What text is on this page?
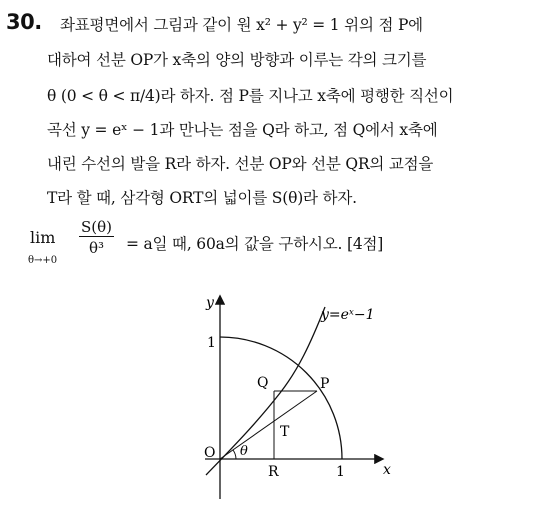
30. 좌표평면에서 그림과 같이 원 x² + y² = 1 위의 점 P에
대하여 선분 OP가 x축의 양의 방향과 이루는 각의 크기를
θ (0 < θ < π/4)라 하자. 점 P를 지나고 x축에 평행한 직선이
곡선 y = eˣ − 1과 만나는 점을 Q라 하고, 점 Q에서 x축에
내린 수선의 발을 R라 하자. 선분 OP와 선분 QR의 교점을
T라 할 때, 삼각형 ORT의 넓이를 S(θ)라 하자.
lim
θ→+0
$\frac{S(\theta)}{\text{θ³}} = a$일 때, 60a의 값을 구하시오. [4점]
x
y
1
1
y=eˣ−1
θ
O
Q	P
T
R
